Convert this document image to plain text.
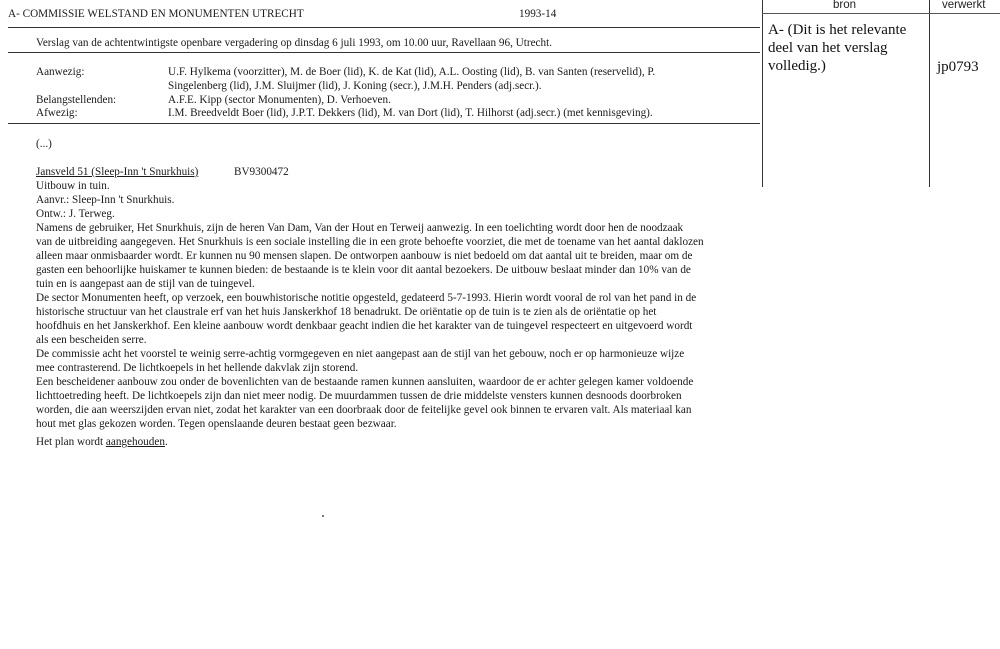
A- COMMISSIE WELSTAND EN MONUMENTEN UTRECHT	1993-14
Verslag van de achtentwintigste openbare vergadering op dinsdag 6 juli 1993, om 10.00 uur, Ravellaan 96, Utrecht.
Aanwezig:	U.F. Hylkema (voorzitter), M. de Boer (lid), K. de Kat (lid), A.L. Oosting (lid), B. van Santen (reservelid), P.
Singelenberg (lid), J.M. Sluijmer (lid), J. Koning (secr.), J.M.H. Penders (adj.secr.).
Belangstellenden:	A.F.E. Kipp (sector Monumenten), D. Verhoeven.
Afwezig:	I.M. Breedveldt Boer (lid), J.P.T. Dekkers (lid), M. van Dort (lid), T. Hilhorst (adj.secr.) (met kennisgeving).
(...)
Jansveld 51 (Sleep-Inn 't Snurkhuis)	BV9300472
Uitbouw in tuin.
Aanvr.: Sleep-Inn 't Snurkhuis.
Ontw.: J. Terweg.
Namens de gebruiker, Het Snurkhuis, zijn de heren Van Dam, Van der Hout en Terweij aanwezig. In een toelichting wordt door hen de noodzaak
van de uitbreiding aangegeven. Het Snurkhuis is een sociale instelling die in een grote behoefte voorziet, die met de toename van het aantal daklozen
alleen maar onmisbaarder wordt. Er kunnen nu 90 mensen slapen. De ontworpen aanbouw is niet bedoeld om dat aantal uit te breiden, maar om de
gasten een behoorlijke huiskamer te kunnen bieden: de bestaande is te klein voor dit aantal bezoekers. De uitbouw beslaat minder dan 10% van de
tuin en is aangepast aan de stijl van de tuingevel.
De sector Monumenten heeft, op verzoek, een bouwhistorische notitie opgesteld, gedateerd 5-7-1993. Hierin wordt vooral de rol van het pand in de
historische structuur van het claustrale erf van het huis Janskerkhof 18 benadrukt. De oriëntatie op de tuin is te zien als de oriëntatie op het
hoofdhuis en het Janskerkhof. Een kleine aanbouw wordt denkbaar geacht indien die het karakter van de tuingevel respecteert en uitgevoerd wordt
als een bescheiden serre.
De commissie acht het voorstel te weinig serre-achtig vormgegeven en niet aangepast aan de stijl van het gebouw, noch er op harmonieuze wijze
mee contrasterend. De lichtkoepels in het hellende dakvlak zijn storend.
Een bescheidener aanbouw zou onder de bovenlichten van de bestaande ramen kunnen aansluiten, waardoor de er achter gelegen kamer voldoende
lichttoetreding heeft. De lichtkoepels zijn dan niet meer nodig. De muurdammen tussen de drie middelste vensters kunnen desnoods doorbroken
worden, die aan weerszijden ervan niet, zodat het karakter van een doorbraak door de feitelijke gevel ook binnen te ervaren valt. Als materiaal kan
hout met glas gekozen worden. Tegen openslaande deuren bestaat geen bezwaar.
Het plan wordt aangehouden.
bron	verwerkt
A- (Dit is het relevante
deel van het verslag
volledig.)	jp0793
